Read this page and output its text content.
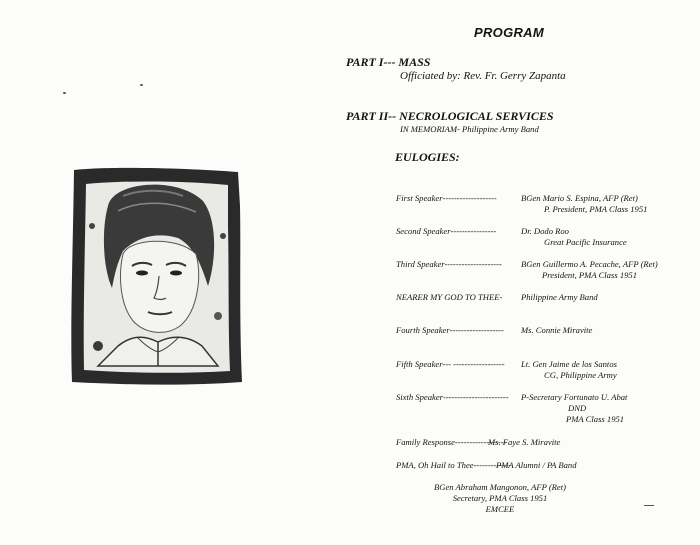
PROGRAM
PART I--- MASS
Officiated by: Rev. Fr. Gerry Zapanta
PART II-- NECROLOGICAL SERVICES
IN MEMORIAM- Philippine Army Band
EULOGIES:
First Speaker-------------------	BGen Mario S. Espina, AFP (Ret)
P. President, PMA Class 1951
Second Speaker----------------	Dr. Dodo Roo
Great Pacific Insurance
Third Speaker-------------------- BGen Guillermo A. Pecache, AFP (Ret)
President, PMA Class 1951
NEARER MY GOD TO THEE- Philippine Army Band
Fourth Speaker------------------- Ms. Connie Miravite
Fifth Speaker--- ------------------ Lt. Gen Jaime de los Santos
CG, Philippine Army
Sixth Speaker----------------------- P-Secretary Fortunato U. Abat
DND
PMA Class 1951
Family Response------------------
Ms. Faye S. Miravite
PMA, Oh Hail to Thee-------------
PMA Alumni / PA Band
BGen Abraham Mangonon, AFP (Ret)
Secretary, PMA Class 1951
EMCEE
